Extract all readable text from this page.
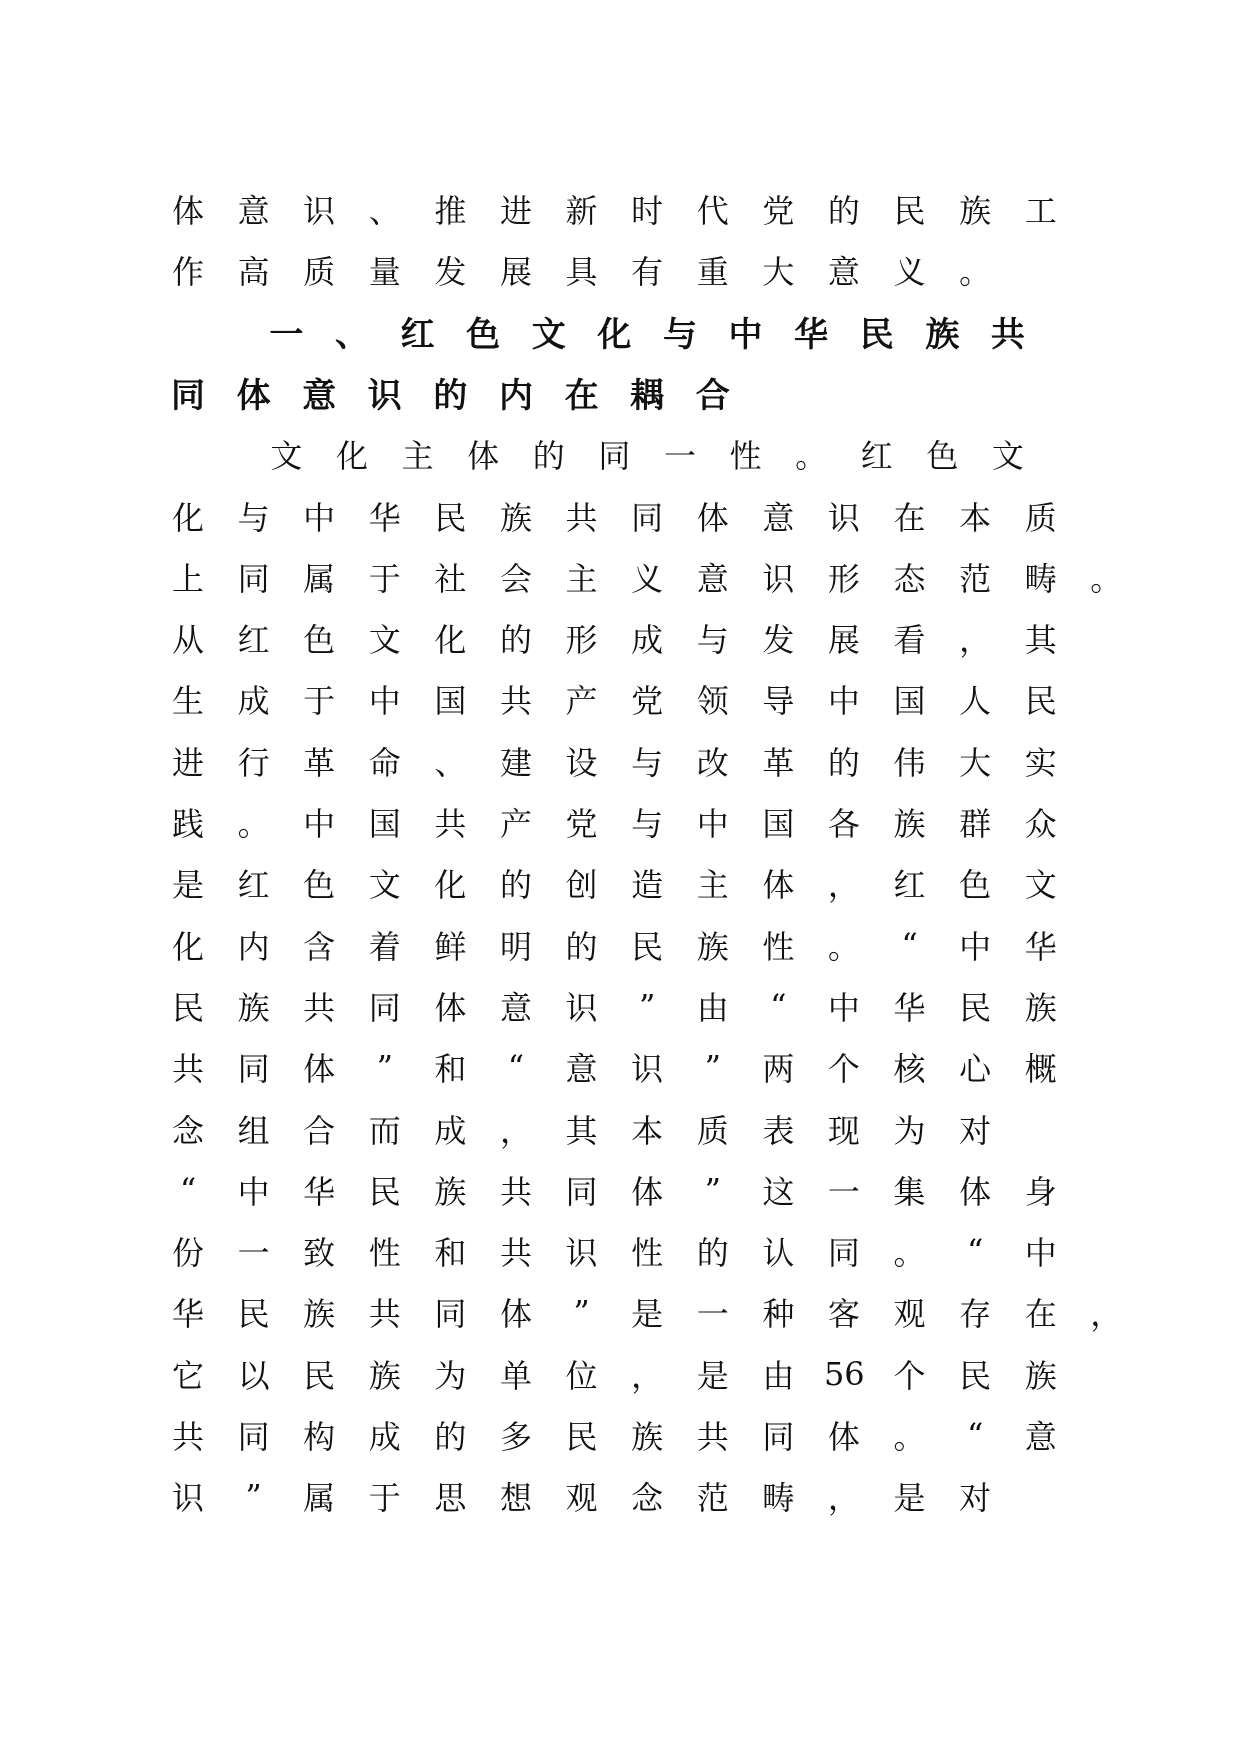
体 意 识 、 推 进 新 时 代 党 的 民 族 工
作 高 质 量 发 展 具 有 重 大 意 义 。
一 、 红 色 文 化 与 中 华 民 族 共
同 体 意 识 的 内 在 耦 合
文 化 主 体 的 同 一 性 。 红 色 文
化 与 中 华 民 族 共 同 体 意 识 在 本 质
上 同 属 于 社 会 主 义 意 识 形 态 范 畴 。
从 红 色 文 化 的 形 成 与 发 展 看 ， 其
生 成 于 中 国 共 产 党 领 导 中 国 人 民
进 行 革 命 、 建 设 与 改 革 的 伟 大 实
践 。 中 国 共 产 党 与 中 国 各 族 群 众
是 红 色 文 化 的 创 造 主 体 ， 红 色 文
化 内 含 着 鲜 明 的 民 族 性 。	“	中 华
民 族 共 同 体 意 识	”	由	“	中 华 民 族
共 同 体	”	和	“	意 识	”	两 个 核 心 概
念 组 合 而 成 ， 其 本 质 表 现 为 对
“	中 华 民 族 共 同 体	”	这 一 集 体 身
份 一 致 性 和 共 识 性 的 认 同 。	“	中
华 民 族 共 同 体	”	是 一 种 客 观 存 在 ，
它 以 民 族 为 单 位 ， 是 由 56 个 民 族
共 同 构 成 的 多 民 族 共 同 体 。	“	意
识	”	属 于 思 想 观 念 范 畴 ， 是 对
